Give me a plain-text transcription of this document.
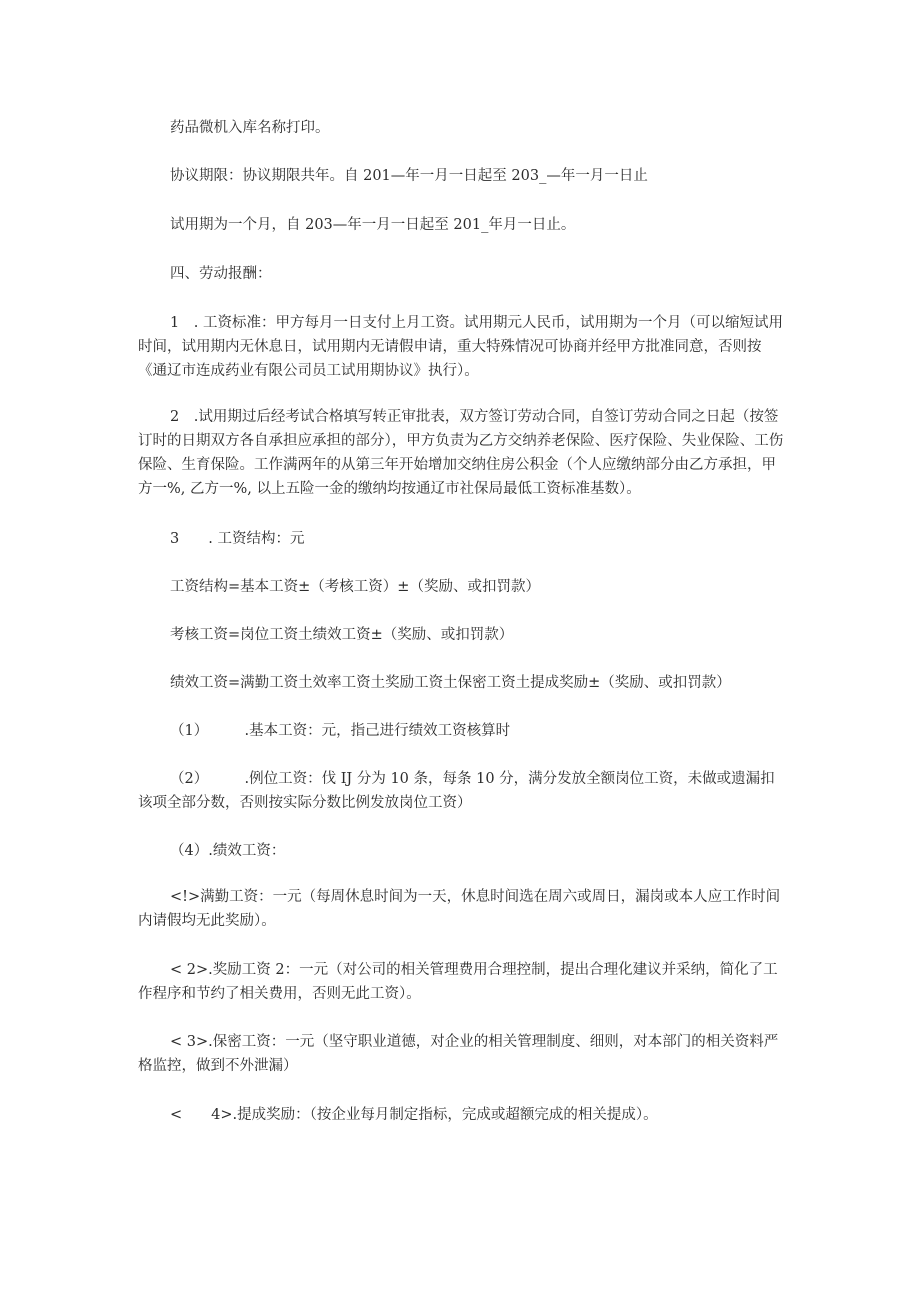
药品微机入库名称打印。
协议期限：协议期限共年。自 201—年一月一日起至 203_—年一月一日止
试用期为一个月，自 203—年一月一日起至 201_年月一日止。
四、劳动报酬：
1　. 工资标准：甲方每月一日支付上月工资。试用期元人民币，试用期为一个月（可以缩短试用时间，试用期内无休息日，试用期内无请假申请，重大特殊情况可协商并经甲方批准同意，否则按《通辽市连成药业有限公司员工试用期协议》执行）。
2　.试用期过后经考试合格填写转正审批表，双方签订劳动合同，自签订劳动合同之日起（按签订时的日期双方各自承担应承担的部分），甲方负责为乙方交纳养老保险、医疗保险、失业保险、工伤保险、生育保险。工作满两年的从第三年开始增加交纳住房公积金（个人应缴纳部分由乙方承担，甲方一%, 乙方一%, 以上五险一金的缴纳均按通辽市社保局最低工资标准基数）。
3　　. 工资结构：元
工资结构=基本工资±（考核工资）±（奖励、或扣罚款）
考核工资=岗位工资土绩效工资±（奖励、或扣罚款）
绩效工资=满勤工资土效率工资土奖励工资土保密工资土提成奖励±（奖励、或扣罚款）
（1）　　　.基本工资：元，指己进行绩效工资核算时
（2）　　　.例位工资：伐 IJ 分为 10 条，每条 10 分，满分发放全额岗位工资，未做或遗漏扣该项全部分数，否则按实际分数比例发放岗位工资）
（4）.绩效工资：
<!>满勤工资：一元（每周休息时间为一天，休息时间选在周六或周日，漏岗或本人应工作时间内请假均无此奖励）。
< 2>.奖励工资 2：一元（对公司的相关管理费用合理控制，提出合理化建议并采纳，简化了工作程序和节约了相关费用，否则无此工资）。
< 3>.保密工资：一元（坚守职业道德，对企业的相关管理制度、细则，对本部门的相关资料严格监控，做到不外泄漏）
<　　4>.提成奖励：（按企业每月制定指标，完成或超额完成的相关提成）。
